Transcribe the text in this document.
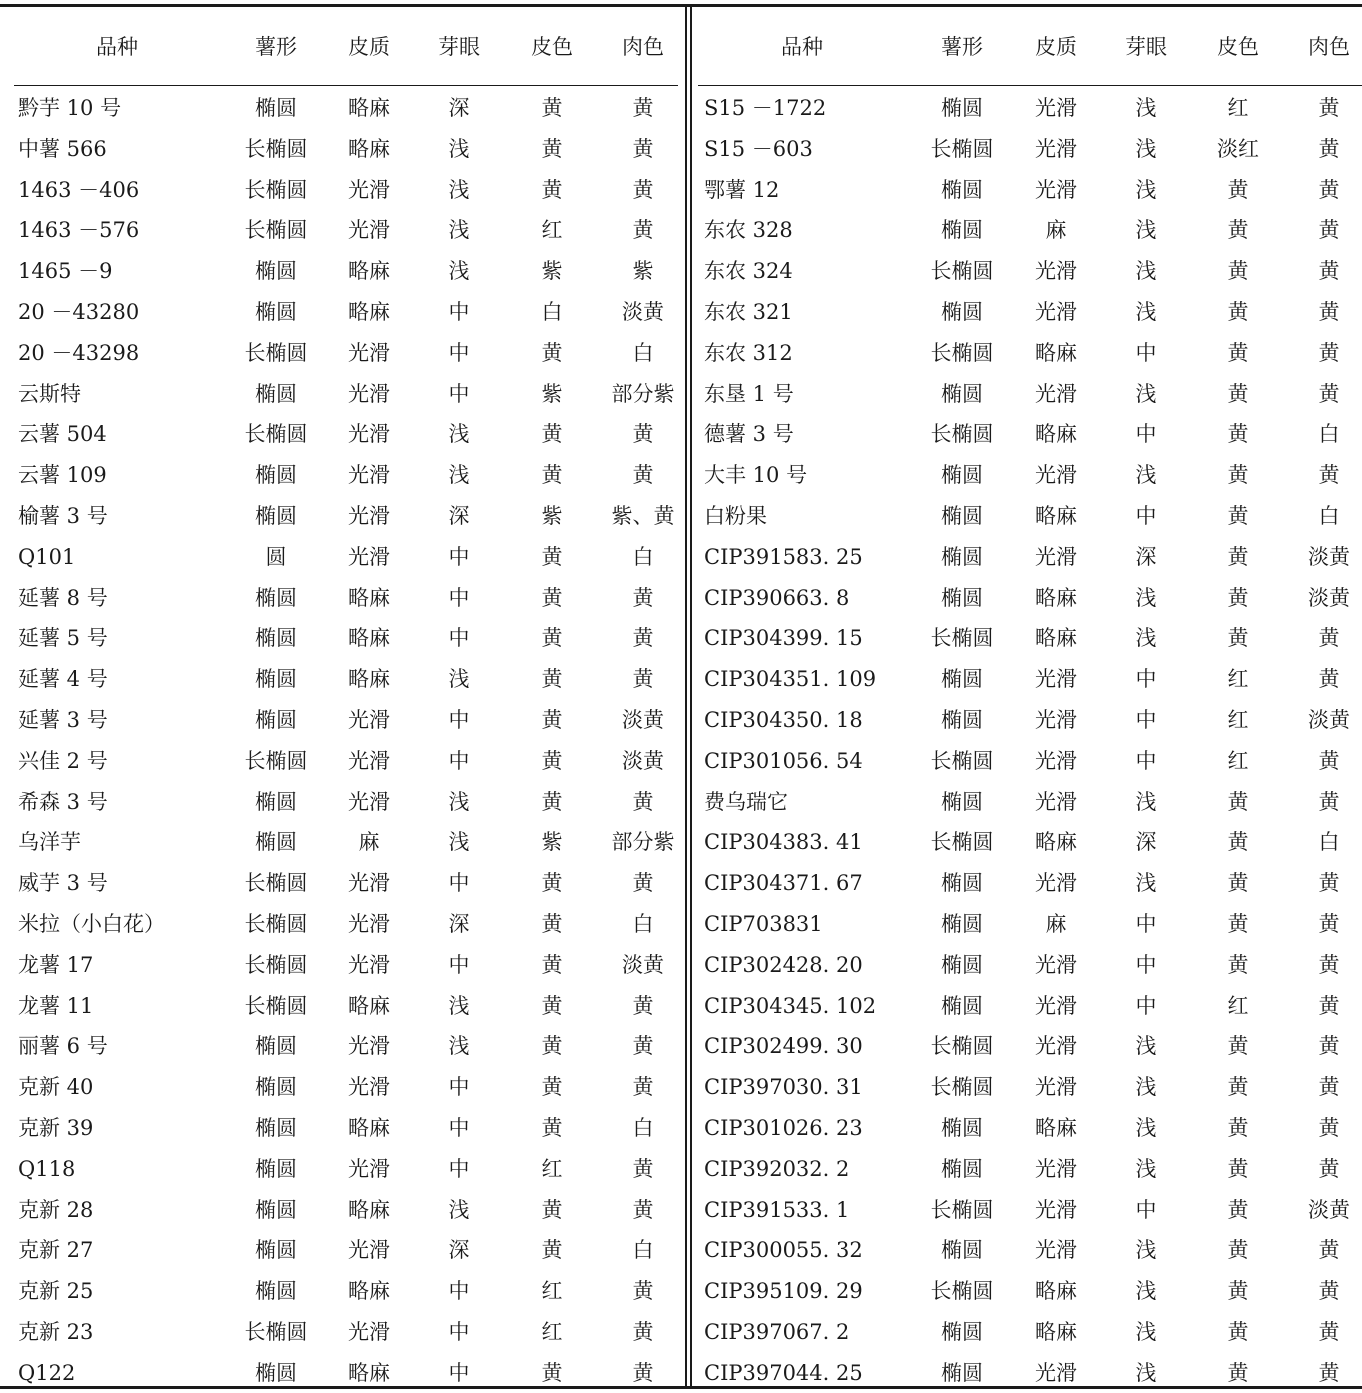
品种	薯形	皮质	芽眼	皮色	肉色
黔芋 10 号	椭圆	略麻	深	黄	黄
中薯 566	长椭圆	略麻	浅	黄	黄
1463 －406	长椭圆	光滑	浅	黄	黄
1463 －576	长椭圆	光滑	浅	红	黄
1465 －9	椭圆	略麻	浅	紫	紫
20 －43280	椭圆	略麻	中	白	淡黄
20 －43298	长椭圆	光滑	中	黄	白
云斯特	椭圆	光滑	中	紫	部分紫
云薯 504	长椭圆	光滑	浅	黄	黄
云薯 109	椭圆	光滑	浅	黄	黄
榆薯 3 号	椭圆	光滑	深	紫	紫、黄
Q101	圆	光滑	中	黄	白
延薯 8 号	椭圆	略麻	中	黄	黄
延薯 5 号	椭圆	略麻	中	黄	黄
延薯 4 号	椭圆	略麻	浅	黄	黄
延薯 3 号	椭圆	光滑	中	黄	淡黄
兴佳 2 号	长椭圆	光滑	中	黄	淡黄
希森 3 号	椭圆	光滑	浅	黄	黄
乌洋芋	椭圆	麻	浅	紫	部分紫
威芋 3 号	长椭圆	光滑	中	黄	黄
米拉（小白花）	长椭圆	光滑	深	黄	白
龙薯 17	长椭圆	光滑	中	黄	淡黄
龙薯 11	长椭圆	略麻	浅	黄	黄
丽薯 6 号	椭圆	光滑	浅	黄	黄
克新 40	椭圆	光滑	中	黄	黄
克新 39	椭圆	略麻	中	黄	白
Q118	椭圆	光滑	中	红	黄
克新 28	椭圆	略麻	浅	黄	黄
克新 27	椭圆	光滑	深	黄	白
克新 25	椭圆	略麻	中	红	黄
克新 23	长椭圆	光滑	中	红	黄
Q122	椭圆	略麻	中	黄	黄
品种	薯形	皮质	芽眼	皮色	肉色
S15 －1722	椭圆	光滑	浅	红	黄
S15 －603	长椭圆	光滑	浅	淡红	黄
鄂薯 12	椭圆	光滑	浅	黄	黄
东农 328	椭圆	麻	浅	黄	黄
东农 324	长椭圆	光滑	浅	黄	黄
东农 321	椭圆	光滑	浅	黄	黄
东农 312	长椭圆	略麻	中	黄	黄
东垦 1 号	椭圆	光滑	浅	黄	黄
德薯 3 号	长椭圆	略麻	中	黄	白
大丰 10 号	椭圆	光滑	浅	黄	黄
白粉果	椭圆	略麻	中	黄	白
CIP391583. 25	椭圆	光滑	深	黄	淡黄
CIP390663. 8	椭圆	略麻	浅	黄	淡黄
CIP304399. 15	长椭圆	略麻	浅	黄	黄
CIP304351. 109	椭圆	光滑	中	红	黄
CIP304350. 18	椭圆	光滑	中	红	淡黄
CIP301056. 54	长椭圆	光滑	中	红	黄
费乌瑞它	椭圆	光滑	浅	黄	黄
CIP304383. 41	长椭圆	略麻	深	黄	白
CIP304371. 67	椭圆	光滑	浅	黄	黄
CIP703831	椭圆	麻	中	黄	黄
CIP302428. 20	椭圆	光滑	中	黄	黄
CIP304345. 102	椭圆	光滑	中	红	黄
CIP302499. 30	长椭圆	光滑	浅	黄	黄
CIP397030. 31	长椭圆	光滑	浅	黄	黄
CIP301026. 23	椭圆	略麻	浅	黄	黄
CIP392032. 2	椭圆	光滑	浅	黄	黄
CIP391533. 1	长椭圆	光滑	中	黄	淡黄
CIP300055. 32	椭圆	光滑	浅	黄	黄
CIP395109. 29	长椭圆	略麻	浅	黄	黄
CIP397067. 2	椭圆	略麻	浅	黄	黄
CIP397044. 25	椭圆	光滑	浅	黄	黄
